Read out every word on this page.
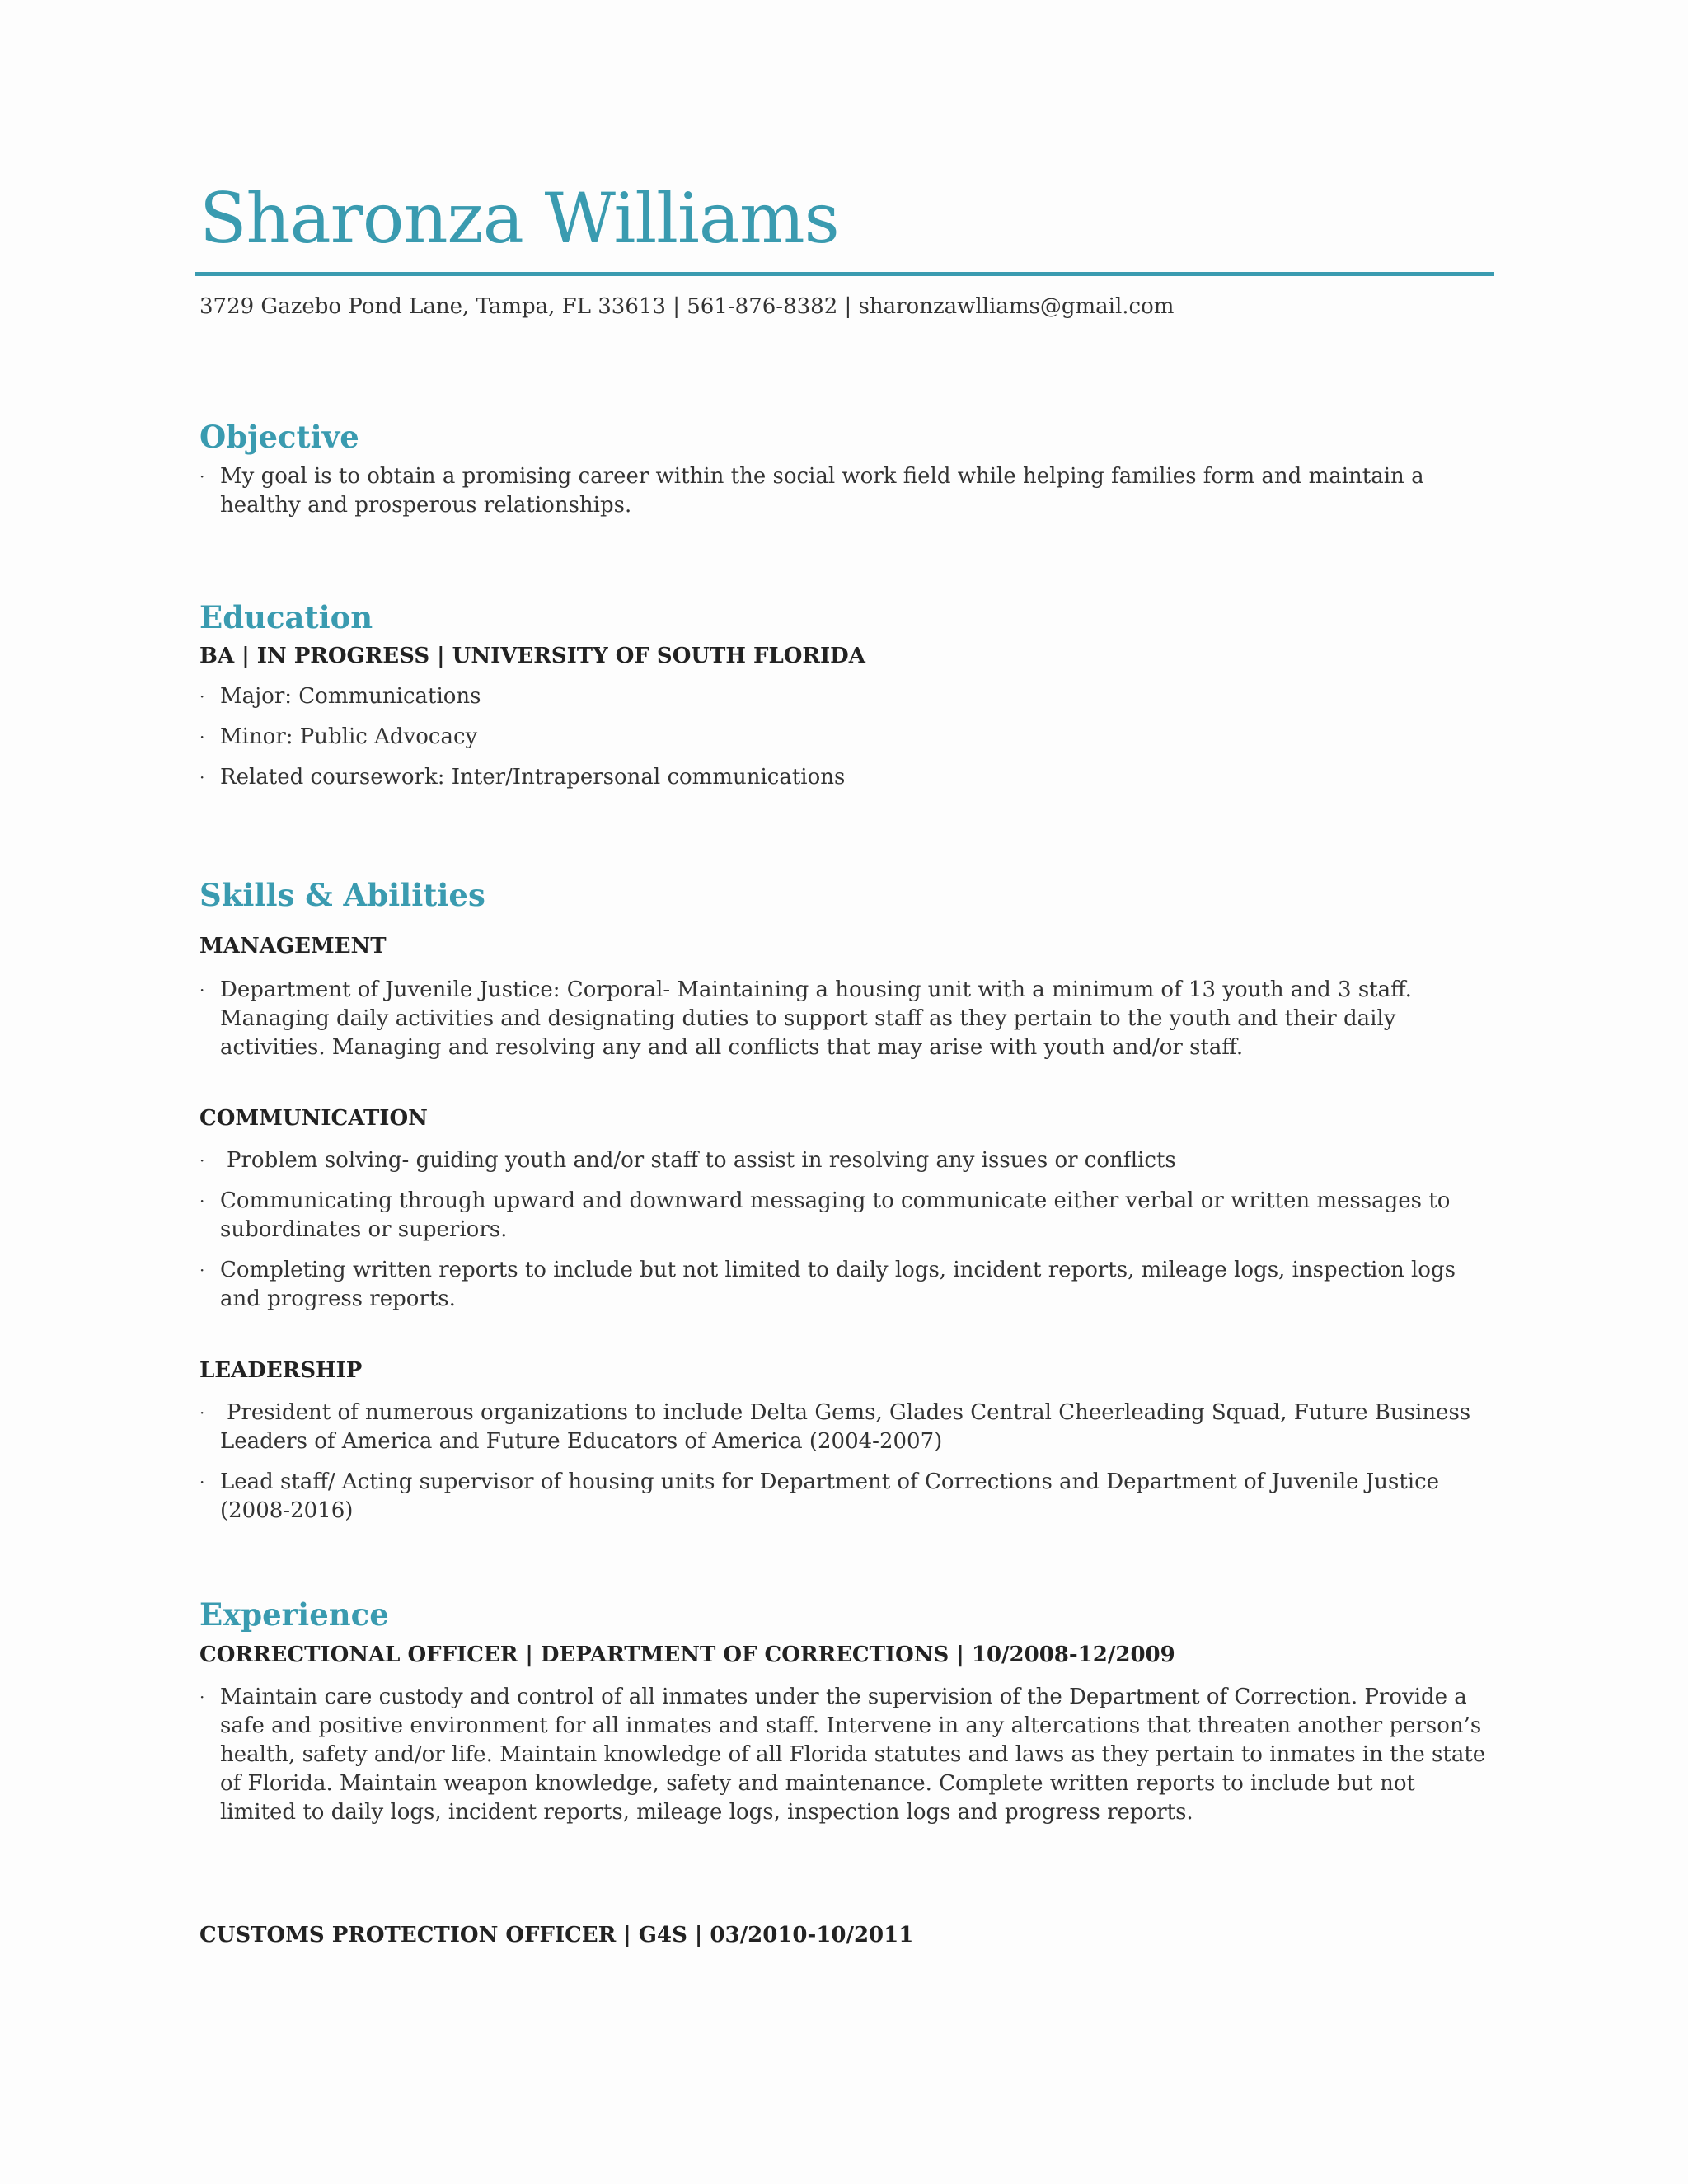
Sharonza Williams
3729 Gazebo Pond Lane, Tampa, FL 33613 | 561-876-8382 | sharonzawlliams@gmail.com
Objective
· My goal is to obtain a promising career within the social work field while helping families form and maintain a healthy and prosperous relationships.
Education
BA | IN PROGRESS | UNIVERSITY OF SOUTH FLORIDA
· Major: Communications
· Minor: Public Advocacy
· Related coursework: Inter/Intrapersonal communications
Skills & Abilities
MANAGEMENT
· Department of Juvenile Justice: Corporal- Maintaining a housing unit with a minimum of 13 youth and 3 staff. Managing daily activities and designating duties to support staff as they pertain to the youth and their daily activities. Managing and resolving any and all conflicts that may arise with youth and/or staff.
COMMUNICATION
· Problem solving- guiding youth and/or staff to assist in resolving any issues or conflicts
· Communicating through upward and downward messaging to communicate either verbal or written messages to subordinates or superiors.
· Completing written reports to include but not limited to daily logs, incident reports, mileage logs, inspection logs and progress reports.
LEADERSHIP
· President of numerous organizations to include Delta Gems, Glades Central Cheerleading Squad, Future Business Leaders of America and Future Educators of America (2004-2007)
· Lead staff/ Acting supervisor of housing units for Department of Corrections and Department of Juvenile Justice (2008-2016)
Experience
CORRECTIONAL OFFICER | DEPARTMENT OF CORRECTIONS | 10/2008-12/2009
· Maintain care custody and control of all inmates under the supervision of the Department of Correction. Provide a safe and positive environment for all inmates and staff. Intervene in any altercations that threaten another person’s health, safety and/or life. Maintain knowledge of all Florida statutes and laws as they pertain to inmates in the state of Florida. Maintain weapon knowledge, safety and maintenance. Complete written reports to include but not limited to daily logs, incident reports, mileage logs, inspection logs and progress reports.
CUSTOMS PROTECTION OFFICER | G4S | 03/2010-10/2011
